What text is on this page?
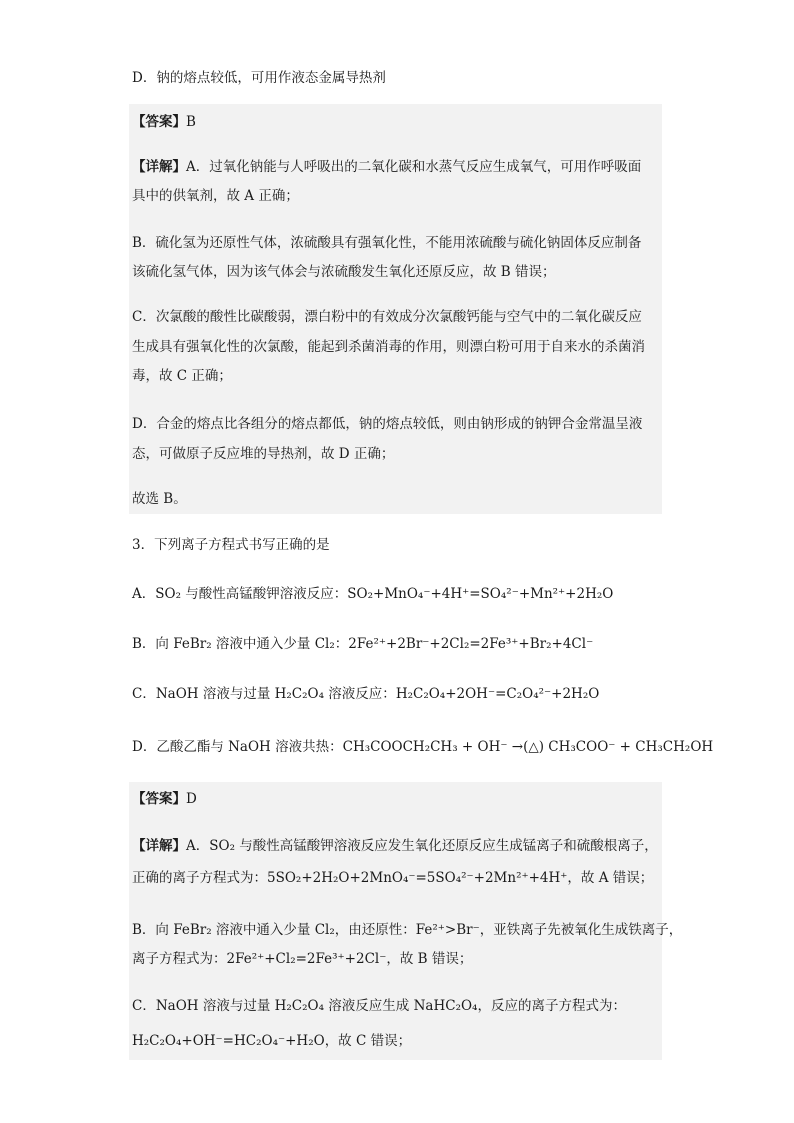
D．钠的熔点较低，可用作液态金属导热剂
【答案】B
【详解】A．过氧化钠能与人呼吸出的二氧化碳和水蒸气反应生成氧气，可用作呼吸面
具中的供氧剂，故 A 正确；
B．硫化氢为还原性气体，浓硫酸具有强氧化性，不能用浓硫酸与硫化钠固体反应制备
该硫化氢气体，因为该气体会与浓硫酸发生氧化还原反应，故 B 错误；
C．次氯酸的酸性比碳酸弱，漂白粉中的有效成分次氯酸钙能与空气中的二氧化碳反应
生成具有强氧化性的次氯酸，能起到杀菌消毒的作用，则漂白粉可用于自来水的杀菌消
毒，故 C 正确；
D．合金的熔点比各组分的熔点都低，钠的熔点较低，则由钠形成的钠钾合金常温呈液
态，可做原子反应堆的导热剂，故 D 正确；
故选 B。
3．下列离子方程式书写正确的是
A．SO₂ 与酸性高锰酸钾溶液反应：SO₂+MnO₄⁻+4H⁺=SO₄²⁻+Mn²⁺+2H₂O
B．向 FeBr₂ 溶液中通入少量 Cl₂：2Fe²⁺+2Br⁻+2Cl₂=2Fe³⁺+Br₂+4Cl⁻
C．NaOH 溶液与过量 H₂C₂O₄ 溶液反应：H₂C₂O₄+2OH⁻=C₂O₄²⁻+2H₂O
D．乙酸乙酯与 NaOH 溶液共热：CH₃COOCH₂CH₃ + OH⁻ →(△) CH₃COO⁻ + CH₃CH₂OH
【答案】D
【详解】A．SO₂ 与酸性高锰酸钾溶液反应发生氧化还原反应生成锰离子和硫酸根离子，
正确的离子方程式为：5SO₂+2H₂O+2MnO₄⁻=5SO₄²⁻+2Mn²⁺+4H⁺，故 A 错误；
B．向 FeBr₂ 溶液中通入少量 Cl₂，由还原性：Fe²⁺>Br⁻，亚铁离子先被氧化生成铁离子，
离子方程式为：2Fe²⁺+Cl₂=2Fe³⁺+2Cl⁻，故 B 错误；
C．NaOH 溶液与过量 H₂C₂O₄ 溶液反应生成 NaHC₂O₄，反应的离子方程式为：
H₂C₂O₄+OH⁻=HC₂O₄⁻+H₂O，故 C 错误；
